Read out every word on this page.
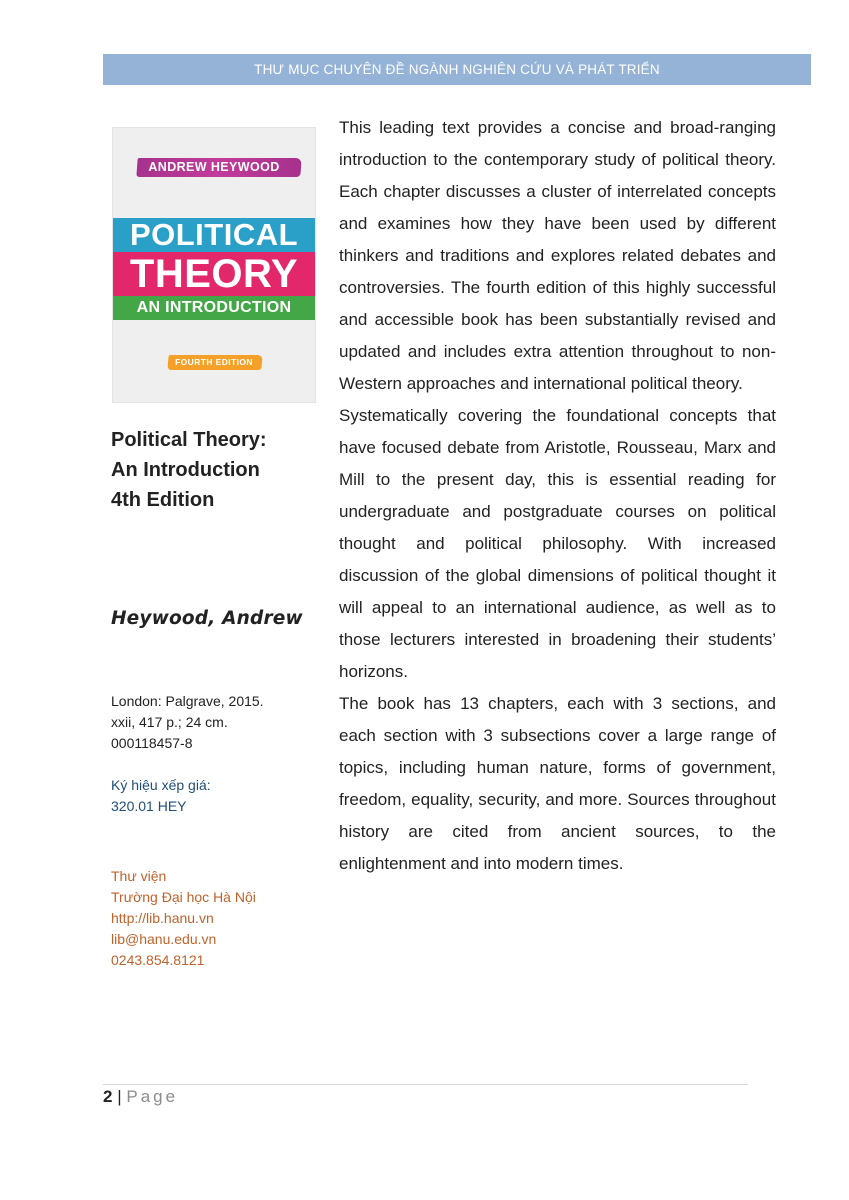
THƯ MỤC CHUYÊN ĐỀ NGÀNH NGHIÊN CỨU VÀ PHÁT TRIỂN
ANDREW HEYWOOD
POLITICAL
THEORY
AN INTRODUCTION
FOURTH EDITION
Political Theory:
An Introduction
4th Edition
Heywood, Andrew
London: Palgrave, 2015.
xxii, 417 p.; 24 cm.
000118457-8
Ký hiệu xếp giá:
320.01 HEY
Thư viện
Trường Đại học Hà Nội
http://lib.hanu.vn
lib@hanu.edu.vn
0243.854.8121

This leading text provides a concise and broad-ranging introduction to the contemporary study of political theory. Each chapter discusses a cluster of interrelated concepts and examines how they have been used by different thinkers and traditions and explores related debates and controversies. The fourth edition of this highly successful and accessible book has been substantially revised and updated and includes extra attention throughout to non-Western approaches and international political theory.

Systematically covering the foundational concepts that have focused debate from Aristotle, Rousseau, Marx and Mill to the present day, this is essential reading for undergraduate and postgraduate courses on political thought and political philosophy. With increased discussion of the global dimensions of political thought it will appeal to an international audience, as well as to those lecturers interested in broadening their students’ horizons.

The book has 13 chapters, each with 3 sections, and each section with 3 subsections cover a large range of topics, including human nature, forms of government, freedom, equality, security, and more. Sources throughout history are cited from ancient sources, to the enlightenment and into modern times.

2 | Page
